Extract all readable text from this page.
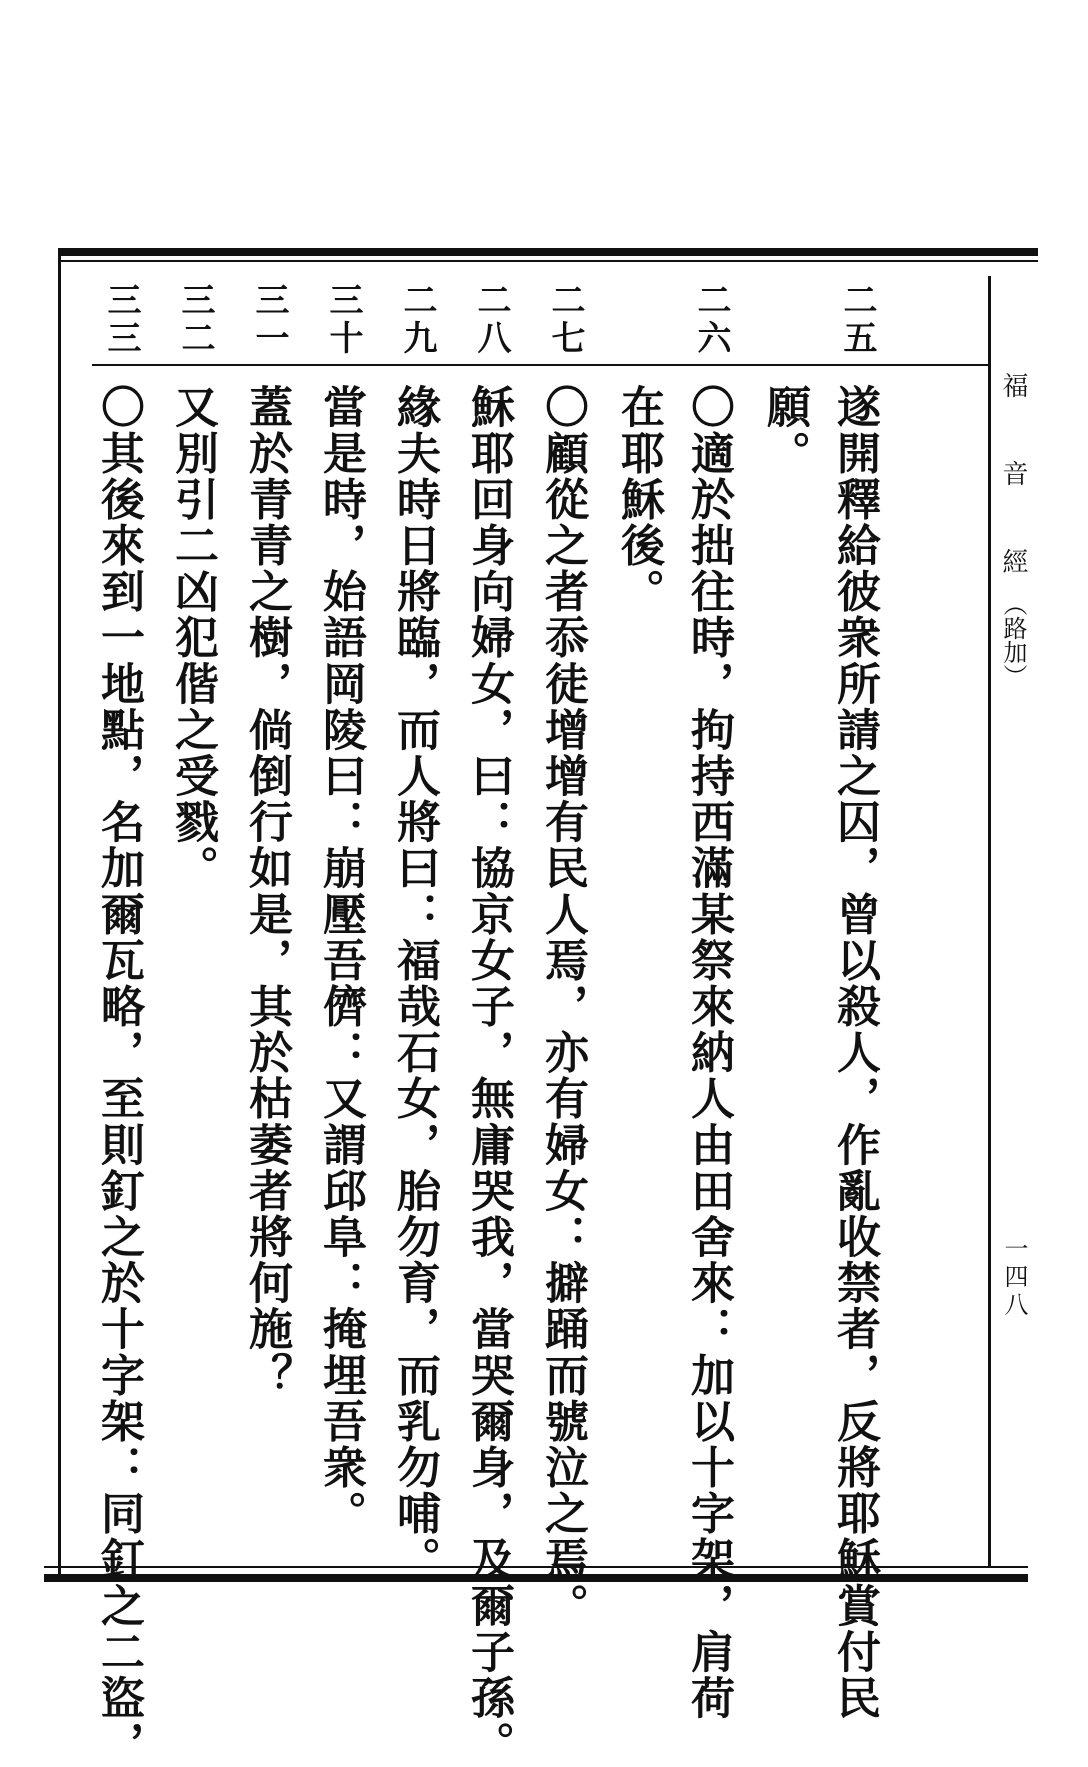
福　音　經（路加）
一四八
二五
遂開釋給彼衆所請之囚，曾以殺人，作亂收禁者，反將耶穌賞付民
願。
二六
〇適於拙往時，拘持西滿某祭來納人由田舍來：加以十字架，肩荷
在耶穌後。
二七
〇顧從之者忝徒增增有民人焉，亦有婦女：擗踊而號泣之焉。
二八
穌耶回身向婦女，曰：協京女子，無庸哭我，當哭爾身，及爾子孫。
二九
緣夫時日將臨，而人將曰：福哉石女，胎勿育，而乳勿哺。
三十
當是時，始語岡陵曰：崩壓吾儕：又謂邱阜：掩埋吾衆。
三一
蓋於青青之樹，倘倒行如是，其於枯萎者將何施？
三二
又別引二凶犯偕之受戮。
三三
〇其後來到一地點，名加爾瓦略，至則釘之於十字架：同釘之二盜，
